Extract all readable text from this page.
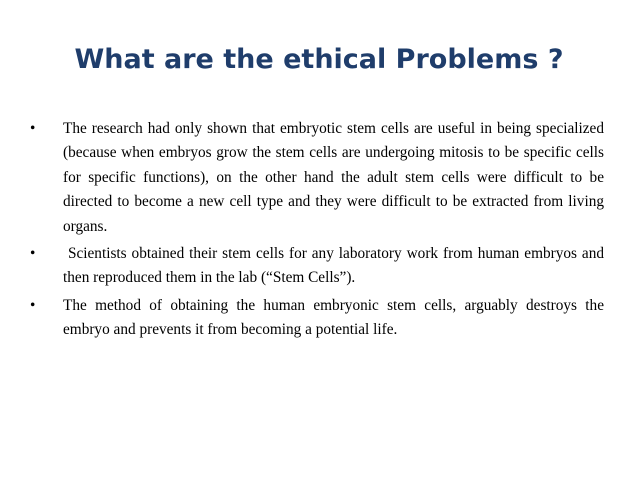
What are the ethical Problems ?
•	The research had only shown that embryotic stem cells are useful in being specialized (because when embryos grow the stem cells are undergoing mitosis to be specific cells for specific functions), on the other hand the adult stem cells were difficult to be directed to become a new cell type and they were difficult to be extracted from living organs.
•	Scientists obtained their stem cells for any laboratory work from human embryos and then reproduced them in the lab (“Stem Cells”).
•	The method of obtaining the human embryonic stem cells, arguably destroys the embryo and prevents it from becoming a potential life.
